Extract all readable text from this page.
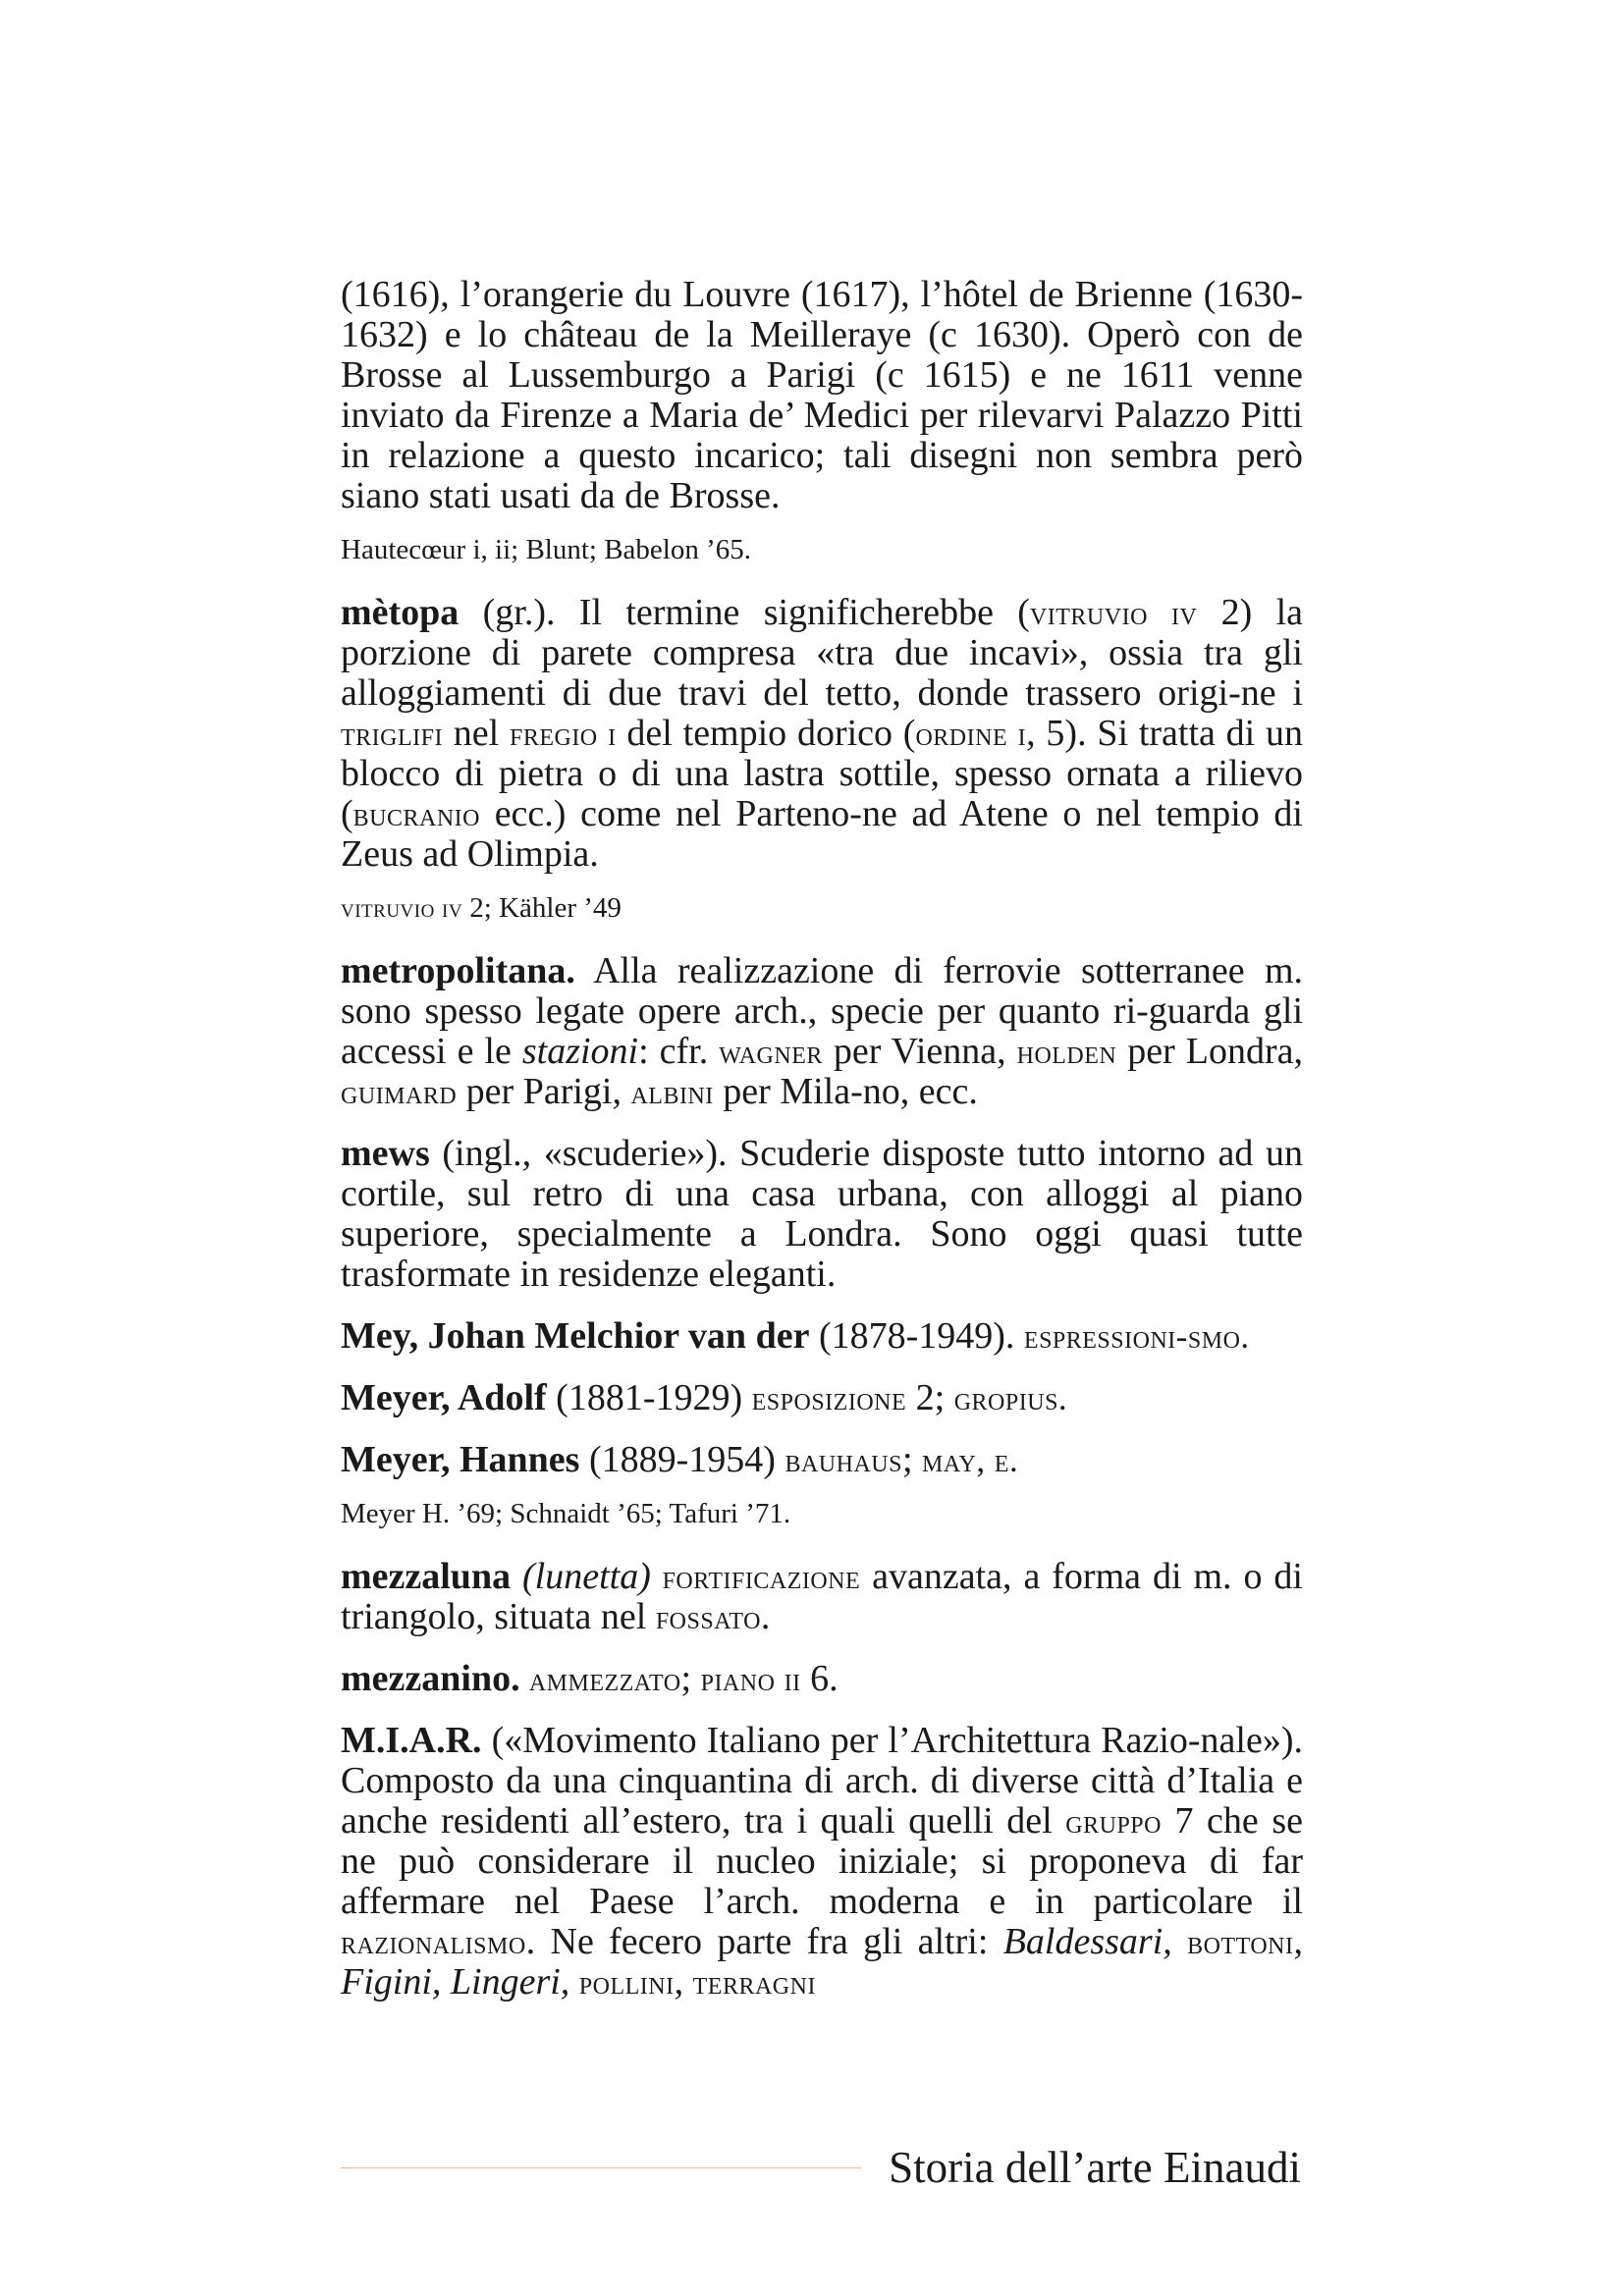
(1616), l’orangerie du Louvre (1617), l’hôtel de Brienne (1630-1632) e lo château de la Meilleraye (c 1630). Operò con de Brosse al Lussemburgo a Parigi (c 1615) e ne 1611 venne inviato da Firenze a Maria de’ Medici per rilevarvi Palazzo Pitti in relazione a questo incarico; tali disegni non sembra però siano stati usati da de Brosse.

Hautecœur i, ii; Blunt; Babelon ’65.

mètopa (gr.). Il termine significherebbe (vitruvio iv 2) la porzione di parete compresa «tra due incavi», ossia tra gli alloggiamenti di due travi del tetto, donde trassero origi-ne i triglifi nel fregio i del tempio dorico (ordine i, 5). Si tratta di un blocco di pietra o di una lastra sottile, spesso ornata a rilievo (bucranio ecc.) come nel Parteno-ne ad Atene o nel tempio di Zeus ad Olimpia.

vitruvio iv 2; Kähler ’49

metropolitana. Alla realizzazione di ferrovie sotterranee m. sono spesso legate opere arch., specie per quanto ri-guarda gli accessi e le stazioni: cfr. wagner per Vienna, holden per Londra, guimard per Parigi, albini per Mila-no, ecc.

mews (ingl., «scuderie»). Scuderie disposte tutto intorno ad un cortile, sul retro di una casa urbana, con alloggi al piano superiore, specialmente a Londra. Sono oggi quasi tutte trasformate in residenze eleganti.

Mey, Johan Melchior van der (1878-1949). espressioni-smo.

Meyer, Adolf (1881-1929) esposizione 2; gropius.

Meyer, Hannes (1889-1954) bauhaus; may, e.

Meyer H. ’69; Schnaidt ’65; Tafuri ’71.

mezzaluna (lunetta) fortificazione avanzata, a forma di m. o di triangolo, situata nel fossato.

mezzanino. ammezzato; piano ii 6.

M.I.A.R. («Movimento Italiano per l’Architettura Razio-nale»). Composto da una cinquantina di arch. di diverse città d’Italia e anche residenti all’estero, tra i quali quelli del gruppo 7 che se ne può considerare il nucleo iniziale; si proponeva di far affermare nel Paese l’arch. moderna e in particolare il razionalismo. Ne fecero parte fra gli altri: Baldessari, bottoni, Figini, Lingeri, pollini, terragni

Storia dell’arte Einaudi
